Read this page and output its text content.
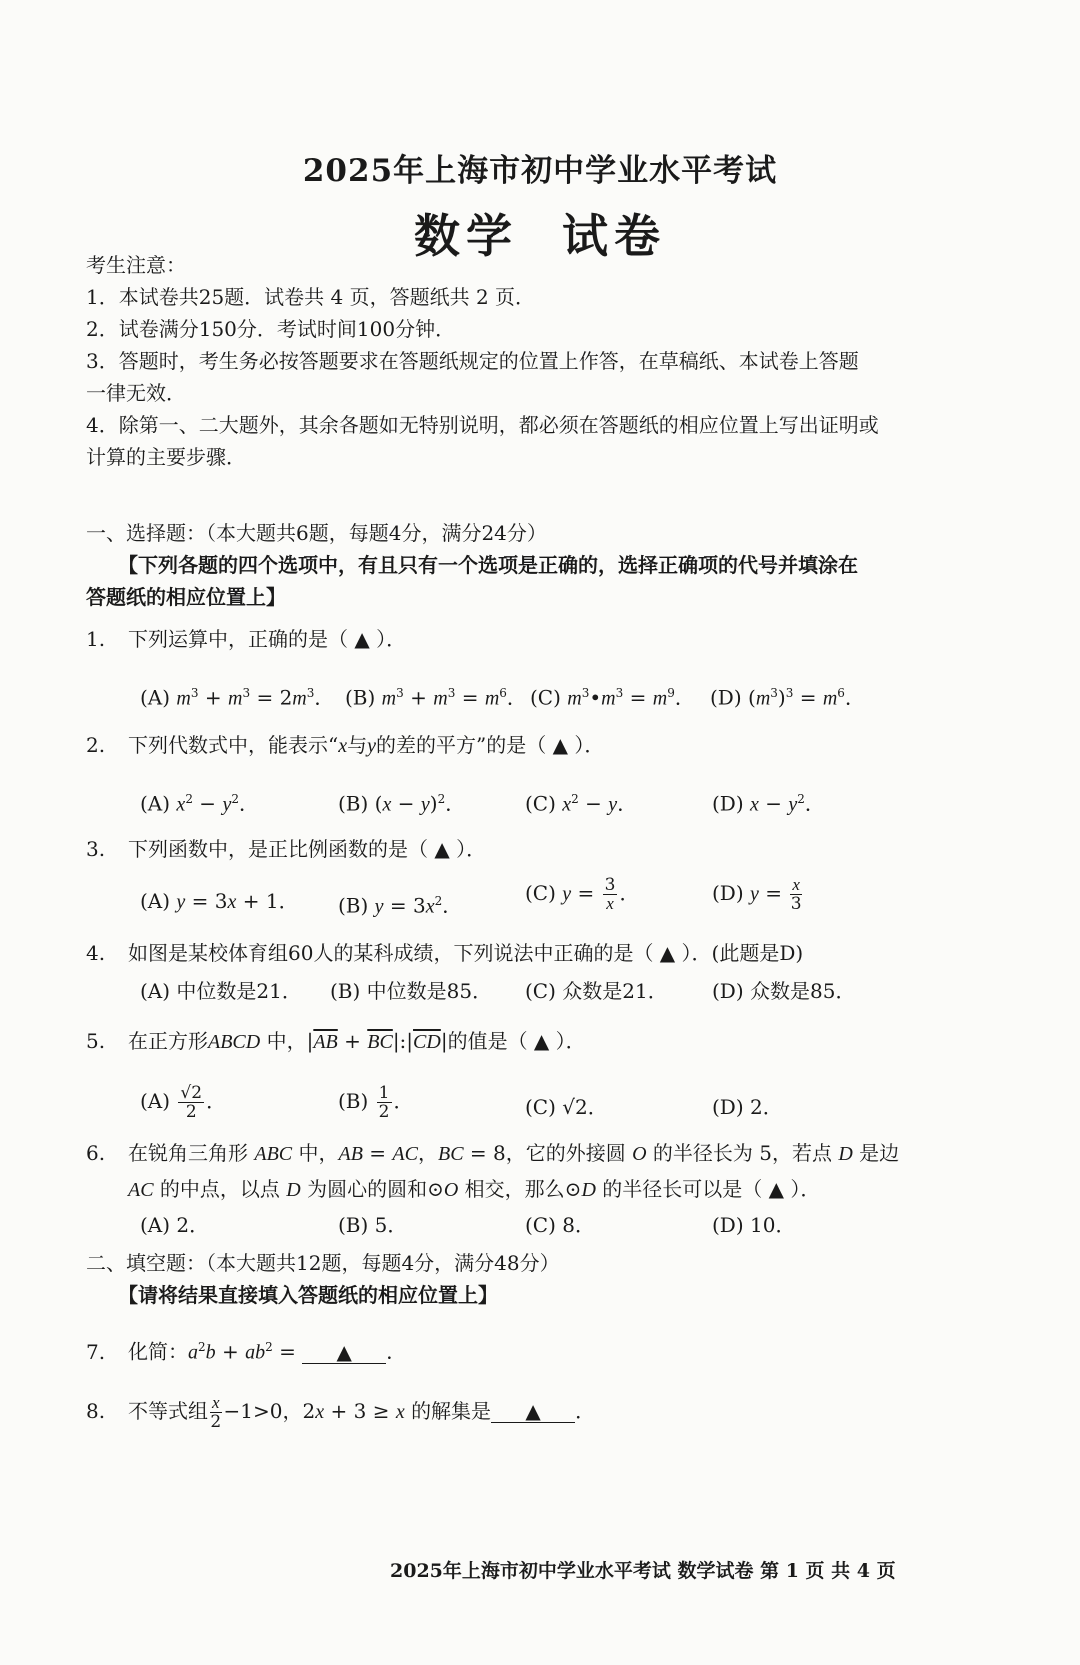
2025年上海市初中学业水平考试
数学 试卷
考生注意：
1．本试卷共25题．试卷共 4 页，答题纸共 2 页．
2．试卷满分150分．考试时间100分钟．
3．答题时，考生务必按答题要求在答题纸规定的位置上作答，在草稿纸、本试卷上答题
一律无效．
4．除第一、二大题外，其余各题如无特别说明，都必须在答题纸的相应位置上写出证明或
计算的主要步骤．
一、选择题：（本大题共6题，每题4分，满分24分）
【下列各题的四个选项中，有且只有一个选项是正确的，选择正确项的代号并填涂在
答题纸的相应位置上】
1. 下列运算中，正确的是（ ▲ ）．
(A) $m^3 + m^3 = 2m^3$． (B) $m^3 + m^3 = m^6$． (C) $m^3•m^3 = m^9$． (D) $(m^3)^3 = m^6$．
2. 下列代数式中，能表示“x与y的差的平方”的是（ ▲ ）．
(A) $x^2 - y^2$．	(B) $(x - y)^2$．	(C) $x^2 - y$．	(D) $x - y^2$．
3. 下列函数中，是正比例函数的是（ ▲ ）．
(A) y = 3x + 1． (B) $y = 3x^2$．
(C) $y = \frac{3}{x}$ ．	(D) $y = \frac{x}{3}$
4. 如图是某校体育组60人的某科成绩，下列说法中正确的是（ ▲ ）．(此题是D)
(A) 中位数是21． (B) 中位数是85． (C) 众数是21． (D) 众数是85．
5. 在正方形ABCD 中，$|\overline{AB}$ + $\overline{BC}|:|\overline{CD}|$的值是（ ▲ ）．
$(A) \frac{√2}{2}$ ．	$(B) \frac{1}{2}$ ．	(C) √2．	(D) 2．
6. 在锐角三角形 ABC 中，AB = AC，BC = 8，它的外接圆 O 的半径长为 5，若点 D 是边
AC 的中点，以点 D 为圆心的圆和⊙O 相交，那么⊙D 的半径长可以是（ ▲ ）．
(A) 2．	(B) 5．	(C) 8．	(D) 10．
二、填空题：（本大题共12题，每题4分，满分48分）
【请将结果直接填入答题纸的相应位置上】
7. 化简：$a^2b + ab^2$ = ▲ ．
8. 不等式组 $\frac{x}{2} -1>0$，2x + 3 ≥ x 的解集是 ▲ ．
2025年上海市初中学业水平考试 数学试卷 第 1 页 共 4 页
